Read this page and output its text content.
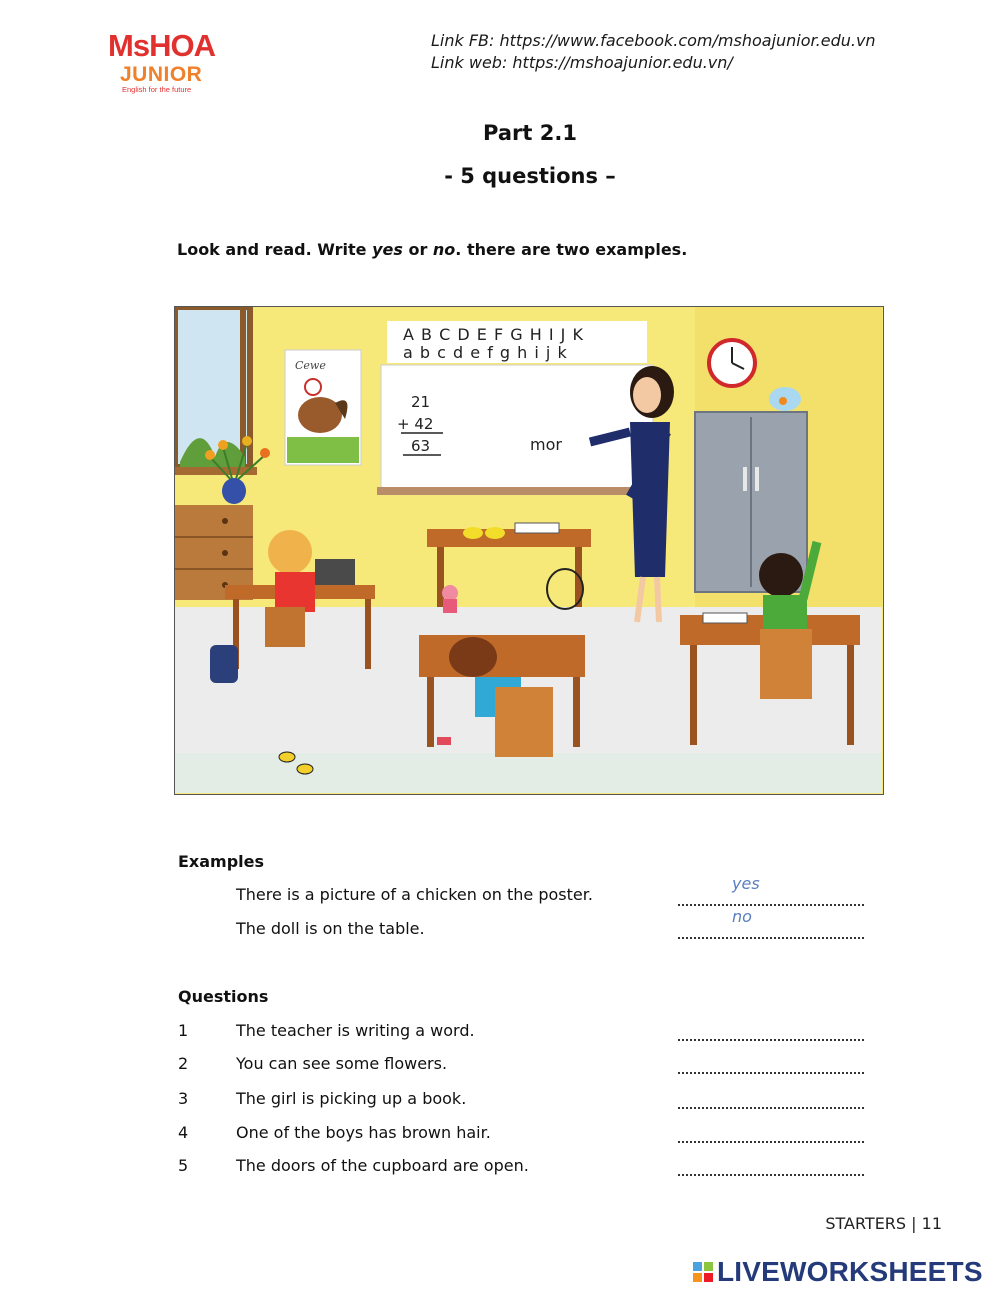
MsHOA
JUNIOR
English for the future
Link FB: https://www.facebook.com/mshoajunior.edu.vn
Link web: https://mshoajunior.edu.vn/
Part 2.1
- 5 questions –
Look and read. Write yes or no. there are two examples.
Cewe
A B C D E F G H I J K
a b c d e f g h i j k
21
+ 42
63	mor
Examples
There is a picture of a chicken on the poster.
yes
The doll is on the table.
no
Questions
1	The teacher is writing a word.
2	You can see some flowers.
3	The girl is picking up a book.
4	One of the boys has brown hair.
5	The doors of the cupboard are open.
STARTERS | 11
LIVEWORKSHEETS
